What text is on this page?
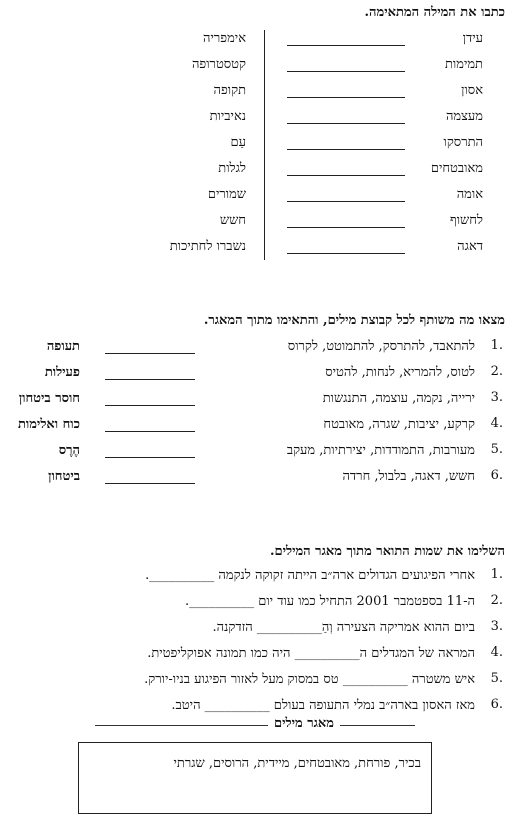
כתבו את המילה המתאימה.
עידן
אימפריה
תמימות
קטסטרופה
אסון
תקופה
מעצמה
נאיביות
התרסקו
עַם
מאובטחים
לגלות
אומה
שמורים
לחשוף
חשש
דאגה
נשברו לחתיכות
מצאו מה משותף לכל קבוצת מילים, והתאימו מתוך המאגר.
.1
להתאבד, להתרסק, להתמוטט, לקרוס
תעופה
.2
לטוס, להמריא, לנחות, להטיס
פעילות
.3
ירייה, נקמה, עוצמה, התנגשות
חוסר ביטחון
.4
קרקע, יציבות, שגרה, מאובטח
כוח ואלימות
.5
מעורבות, התמודדות, יצירתיות, מעקב
הֶרֶס
.6
חשש, דאגה, בלבול, חרדה
ביטחון
השלימו את שמות התואר מתוך מאגר המילים.
.1
אחרי הפיגועים הגדולים ארה״ב הייתה זקוקה לנקמה __________.
.2
ה-11 בספטמבר 2001 התחיל כמו עוד יום __________.
.3
ביום ההוא אמריקה הצעירה וְהַ__________ הזדקנה.
.4
המראה של המגדלים ה__________ היה כמו תמונה אפוקליפטית.
.5
איש משטרה __________ טס במסוק מעל לאזור הפיגוע בניו-יורק.
.6
מאז האסון בארה״ב נמלי התעופה בעולם __________ היטב.
מאגר מילים
בכיר, פורחת, מאובטחים, מיידית, הרוסים, שגרתי
